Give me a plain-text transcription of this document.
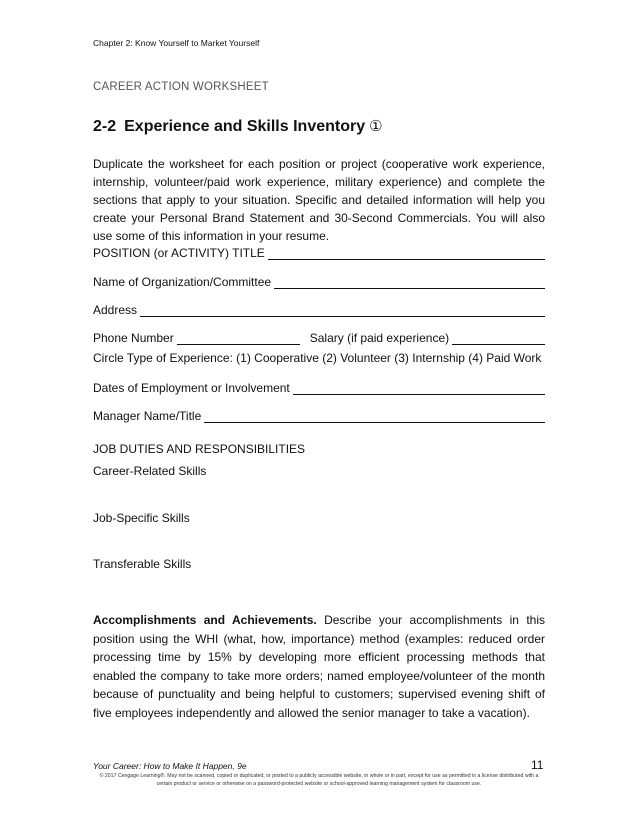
Chapter 2: Know Yourself to Market Yourself
CAREER ACTION WORKSHEET
2-2 Experience and Skills Inventory ①
Duplicate the worksheet for each position or project (cooperative work experience, internship, volunteer/paid work experience, military experience) and complete the sections that apply to your situation. Specific and detailed information will help you create your Personal Brand Statement and 30-Second Commercials. You will also use some of this information in your resume.
POSITION (or ACTIVITY) TITLE
Name of Organization/Committee
Address
Phone Number	Salary (if paid experience)
Circle Type of Experience: (1) Cooperative (2) Volunteer (3) Internship (4) Paid Work
Dates of Employment or Involvement
Manager Name/Title
JOB DUTIES AND RESPONSIBILITIES
Career-Related Skills
Job-Specific Skills
Transferable Skills
Accomplishments and Achievements. Describe your accomplishments in this position using the WHI (what, how, importance) method (examples: reduced order processing time by 15% by developing more efficient processing methods that enabled the company to take more orders; named employee/volunteer of the month because of punctuality and being helpful to customers; supervised evening shift of five employees independently and allowed the senior manager to take a vacation).
Your Career: How to Make It Happen, 9e	11
© 2017 Cengage Learning®. May not be scanned, copied or duplicated, or posted to a publicly accessible website, in whole or in part, except for use as permitted in a license distributed with a certain product or service or otherwise on a password-protected website or school-approved learning management system for classroom use.
